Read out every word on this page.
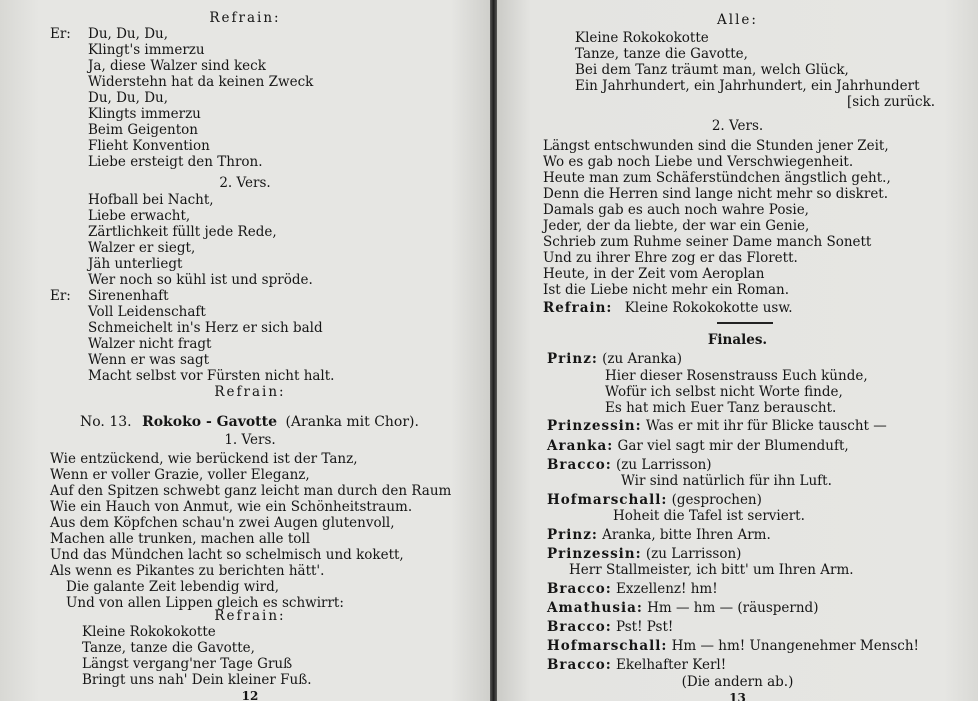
Refrain:
Er: Du, Du, Du,
Klingt's immerzu
Ja, diese Walzer sind keck
Widerstehn hat da keinen Zweck
Du, Du, Du,
Klingts immerzu
Beim Geigenton
Flieht Konvention
Liebe ersteigt den Thron.
2. Vers.
Hofball bei Nacht,
Liebe erwacht,
Zärtlichkeit füllt jede Rede,
Walzer er siegt,
Jäh unterliegt
Wer noch so kühl ist und spröde.
Er: Sirenenhaft
Voll Leidenschaft
Schmeichelt in's Herz er sich bald
Walzer nicht fragt
Wenn er was sagt
Macht selbst vor Fürsten nicht halt.
Refrain:
No. 13. Rokoko - Gavotte (Aranka mit Chor).
1. Vers.
Wie entzückend, wie berückend ist der Tanz,
Wenn er voller Grazie, voller Eleganz,
Auf den Spitzen schwebt ganz leicht man durch den Raum
Wie ein Hauch von Anmut, wie ein Schönheitstraum.
Aus dem Köpfchen schau'n zwei Augen glutenvoll,
Machen alle trunken, machen alle toll
Und das Mündchen lacht so schelmisch und kokett,
Als wenn es Pikantes zu berichten hätt'.
Die galante Zeit lebendig wird,
Und von allen Lippen gleich es schwirrt:
Refrain:
Kleine Rokokokotte
Tanze, tanze die Gavotte,
Längst vergang'ner Tage Gruß
Bringt uns nah' Dein kleiner Fuß.
12
Alle:
Kleine Rokokokotte
Tanze, tanze die Gavotte,
Bei dem Tanz träumt man, welch Glück,
Ein Jahrhundert, ein Jahrhundert, ein Jahrhundert
[sich zurück.
2. Vers.
Längst entschwunden sind die Stunden jener Zeit,
Wo es gab noch Liebe und Verschwiegenheit.
Heute man zum Schäferstündchen ängstlich geht.,
Denn die Herren sind lange nicht mehr so diskret.
Damals gab es auch noch wahre Posie,
Jeder, der da liebte, der war ein Genie,
Schrieb zum Ruhme seiner Dame manch Sonett
Und zu ihrer Ehre zog er das Florett.
Heute, in der Zeit vom Aeroplan
Ist die Liebe nicht mehr ein Roman.
Refrain: Kleine Rokokokotte usw.
Finales.
Prinz: (zu Aranka)
Hier dieser Rosenstrauss Euch künde,
Wofür ich selbst nicht Worte finde,
Es hat mich Euer Tanz berauscht.
Prinzessin: Was er mit ihr für Blicke tauscht —
Aranka: Gar viel sagt mir der Blumenduft,
Bracco: (zu Larrisson)
Wir sind natürlich für ihn Luft.
Hofmarschall: (gesprochen)
Hoheit die Tafel ist serviert.
Prinz: Aranka, bitte Ihren Arm.
Prinzessin: (zu Larrisson)
Herr Stallmeister, ich bitt' um Ihren Arm.
Bracco: Exzellenz! hm!
Amathusia: Hm — hm — (räuspernd)
Bracco: Pst! Pst!
Hofmarschall: Hm — hm! Unangenehmer Mensch!
Bracco: Ekelhafter Kerl!
(Die andern ab.)
13
